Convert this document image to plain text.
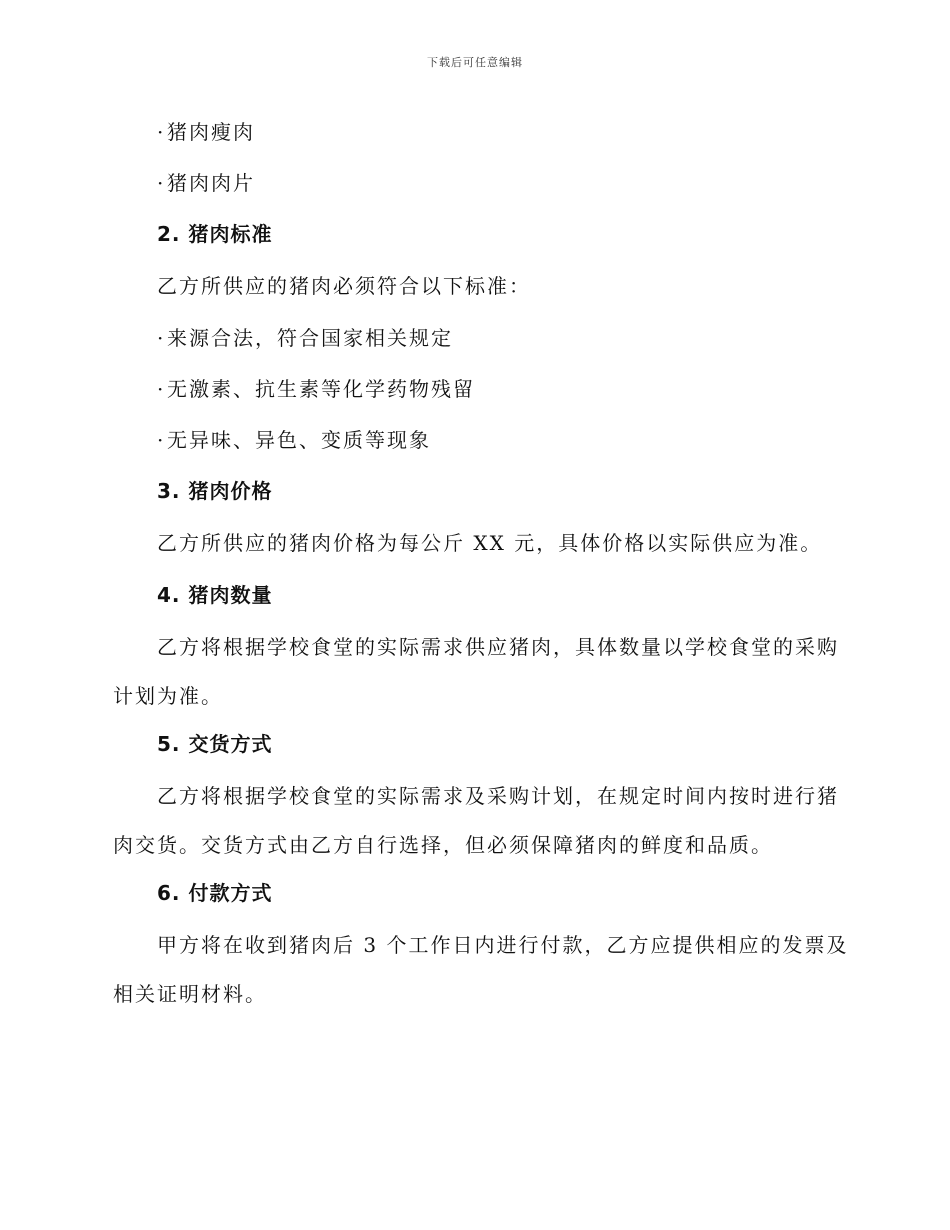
下载后可任意编辑
· 猪肉瘦肉
· 猪肉肉片
2. 猪肉标准
乙方所供应的猪肉必须符合以下标准：
· 来源合法，符合国家相关规定
· 无激素、抗生素等化学药物残留
· 无异味、异色、变质等现象
3. 猪肉价格
乙方所供应的猪肉价格为每公斤 XX 元，具体价格以实际供应为准。
4. 猪肉数量
乙方将根据学校食堂的实际需求供应猪肉，具体数量以学校食堂的采购
计划为准。
5. 交货方式
乙方将根据学校食堂的实际需求及采购计划，在规定时间内按时进行猪
肉交货。交货方式由乙方自行选择，但必须保障猪肉的鲜度和品质。
6. 付款方式
甲方将在收到猪肉后 3 个工作日内进行付款，乙方应提供相应的发票及
相关证明材料。
